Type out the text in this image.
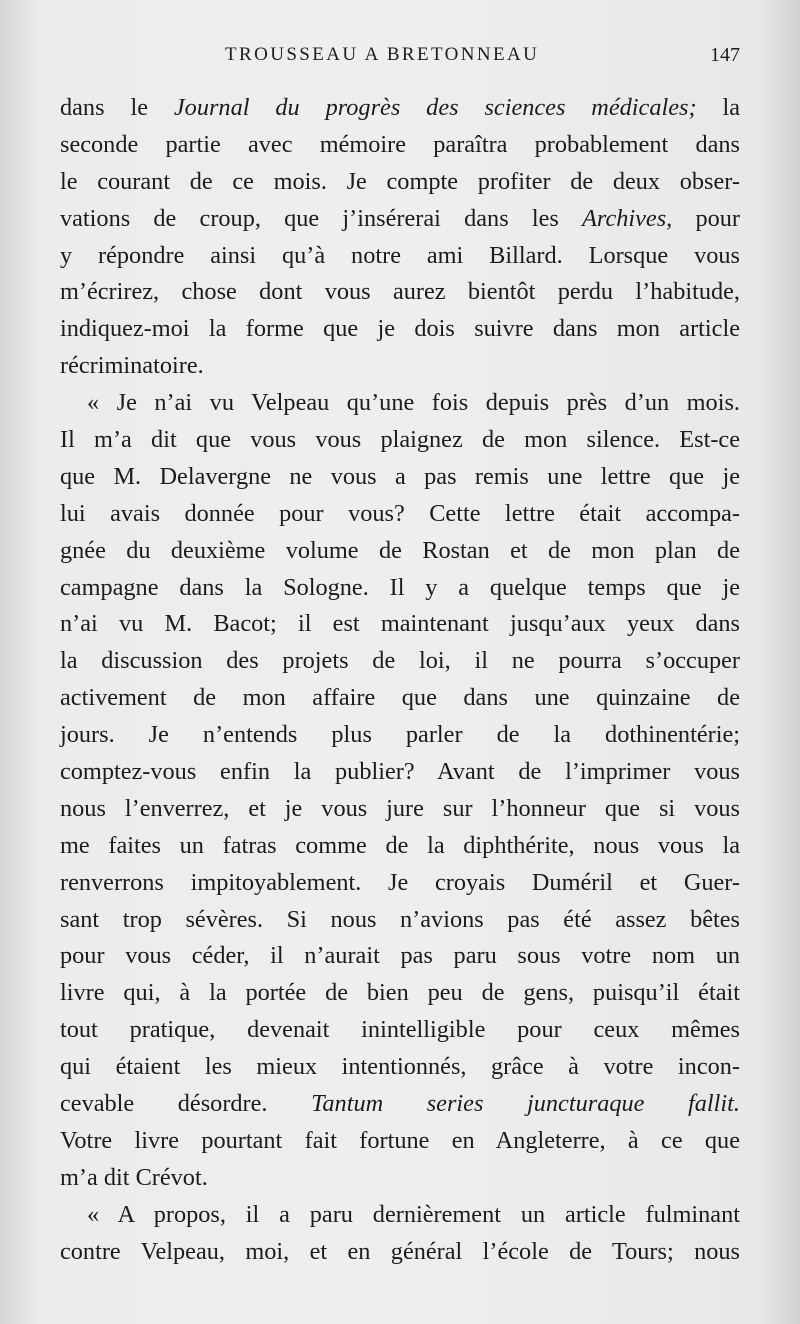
TROUSSEAU A BRETONNEAU	147
dans le Journal du progrès des sciences médicales; la
seconde partie avec mémoire paraîtra probablement dans
le courant de ce mois. Je compte profiter de deux obser-
vations de croup, que j’insérerai dans les Archives, pour
y répondre ainsi qu’à notre ami Billard. Lorsque vous
m’écrirez, chose dont vous aurez bientôt perdu l’habitude,
indiquez-moi la forme que je dois suivre dans mon article
récriminatoire.
« Je n’ai vu Velpeau qu’une fois depuis près d’un mois.
Il m’a dit que vous vous plaignez de mon silence. Est-ce
que M. Delavergne ne vous a pas remis une lettre que je
lui avais donnée pour vous? Cette lettre était accompa-
gnée du deuxième volume de Rostan et de mon plan de
campagne dans la Sologne. Il y a quelque temps que je
n’ai vu M. Bacot; il est maintenant jusqu’aux yeux dans
la discussion des projets de loi, il ne pourra s’occuper
activement de mon affaire que dans une quinzaine de
jours. Je n’entends plus parler de la dothinentérie;
comptez-vous enfin la publier? Avant de l’imprimer vous
nous l’enverrez, et je vous jure sur l’honneur que si vous
me faites un fatras comme de la diphthérite, nous vous la
renverrons impitoyablement. Je croyais Duméril et Guer-
sant trop sévères. Si nous n’avions pas été assez bêtes
pour vous céder, il n’aurait pas paru sous votre nom un
livre qui, à la portée de bien peu de gens, puisqu’il était
tout pratique, devenait inintelligible pour ceux mêmes
qui étaient les mieux intentionnés, grâce à votre incon-
cevable désordre. Tantum series juncturaque fallit.
Votre livre pourtant fait fortune en Angleterre, à ce que
m’a dit Crévot.
« A propos, il a paru dernièrement un article fulminant
contre Velpeau, moi, et en général l’école de Tours; nous
